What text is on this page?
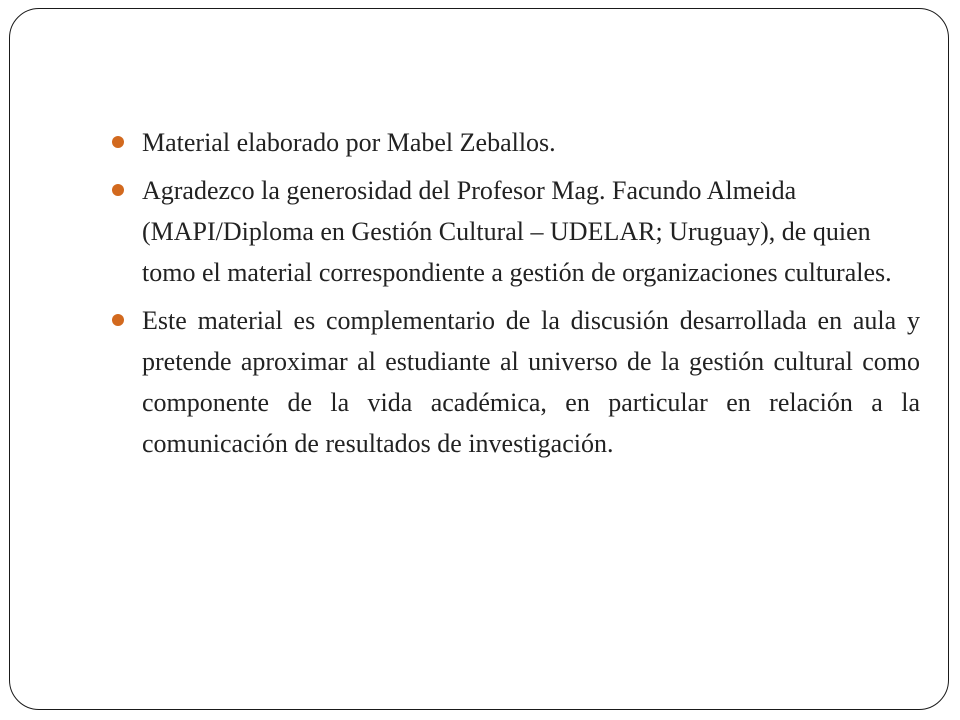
Material elaborado por Mabel Zeballos.
Agradezco la generosidad del Profesor Mag. Facundo Almeida (MAPI/Diploma en Gestión Cultural – UDELAR; Uruguay), de quien tomo el material correspondiente a gestión de organizaciones culturales.
Este material es complementario de la discusión desarrollada en aula y pretende aproximar al estudiante al universo de la gestión cultural como componente de la vida académica, en particular en relación a la comunicación de resultados de investigación.
